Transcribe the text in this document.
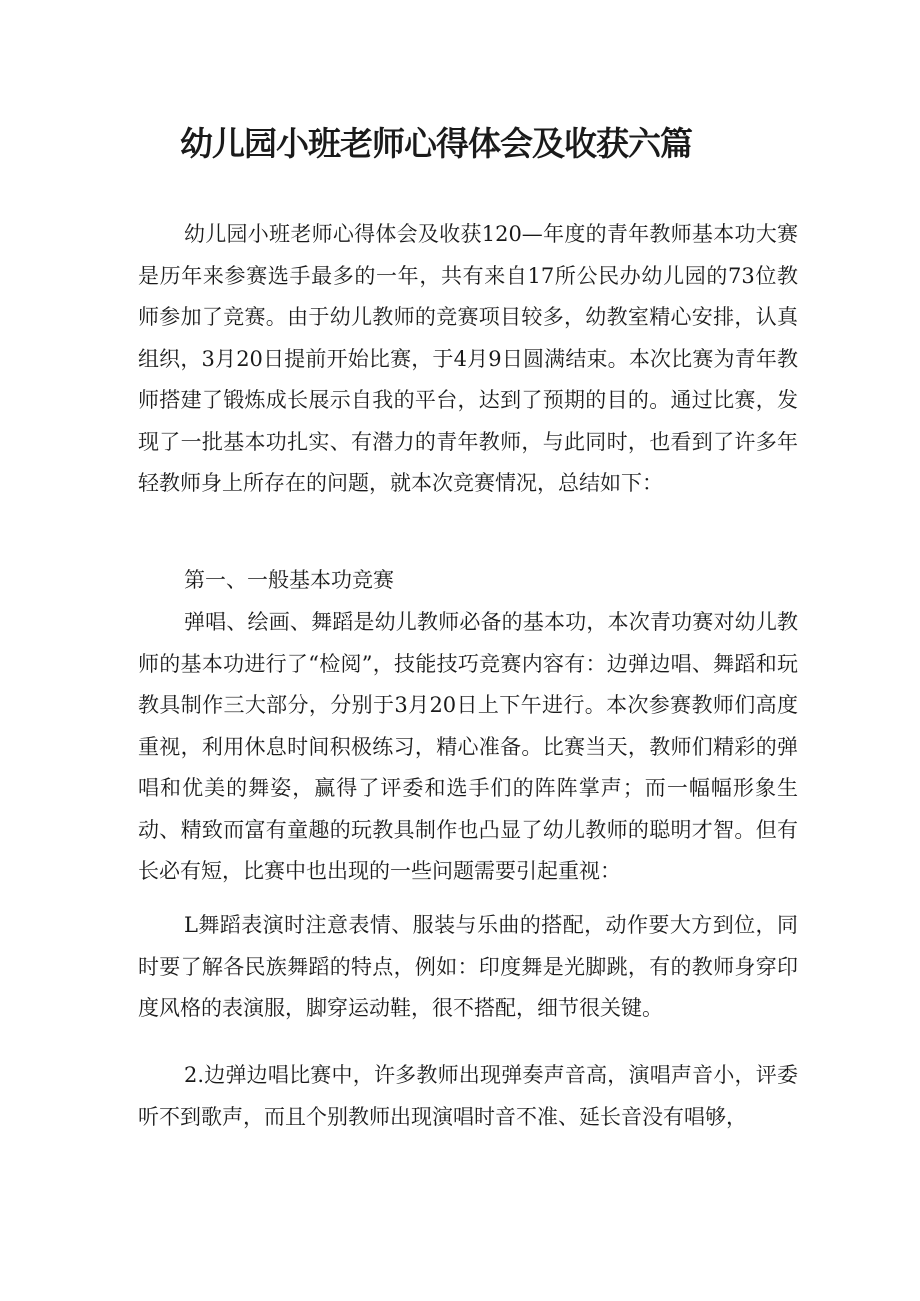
幼儿园小班老师心得体会及收获六篇

幼儿园小班老师心得体会及收获120—年度的青年教师基本功大赛是历年来参赛选手最多的一年，共有来自17所公民办幼儿园的73位教师参加了竞赛。由于幼儿教师的竞赛项目较多，幼教室精心安排，认真组织，3月20日提前开始比赛，于4月9日圆满结束。本次比赛为青年教师搭建了锻炼成长展示自我的平台，达到了预期的目的。通过比赛，发现了一批基本功扎实、有潜力的青年教师，与此同时，也看到了许多年轻教师身上所存在的问题，就本次竞赛情况，总结如下：

第一、一般基本功竞赛

弹唱、绘画、舞蹈是幼儿教师必备的基本功，本次青功赛对幼儿教师的基本功进行了“检阅”，技能技巧竞赛内容有：边弹边唱、舞蹈和玩教具制作三大部分，分别于3月20日上下午进行。本次参赛教师们高度重视，利用休息时间积极练习，精心准备。比赛当天，教师们精彩的弹唱和优美的舞姿，赢得了评委和选手们的阵阵掌声；而一幅幅形象生动、精致而富有童趣的玩教具制作也凸显了幼儿教师的聪明才智。但有长必有短，比赛中也出现的一些问题需要引起重视：

L舞蹈表演时注意表情、服装与乐曲的搭配，动作要大方到位，同时要了解各民族舞蹈的特点，例如：印度舞是光脚跳，有的教师身穿印度风格的表演服，脚穿运动鞋，很不搭配，细节很关键。

2.边弹边唱比赛中，许多教师出现弹奏声音高，演唱声音小，评委听不到歌声，而且个别教师出现演唱时音不准、延长音没有唱够，
